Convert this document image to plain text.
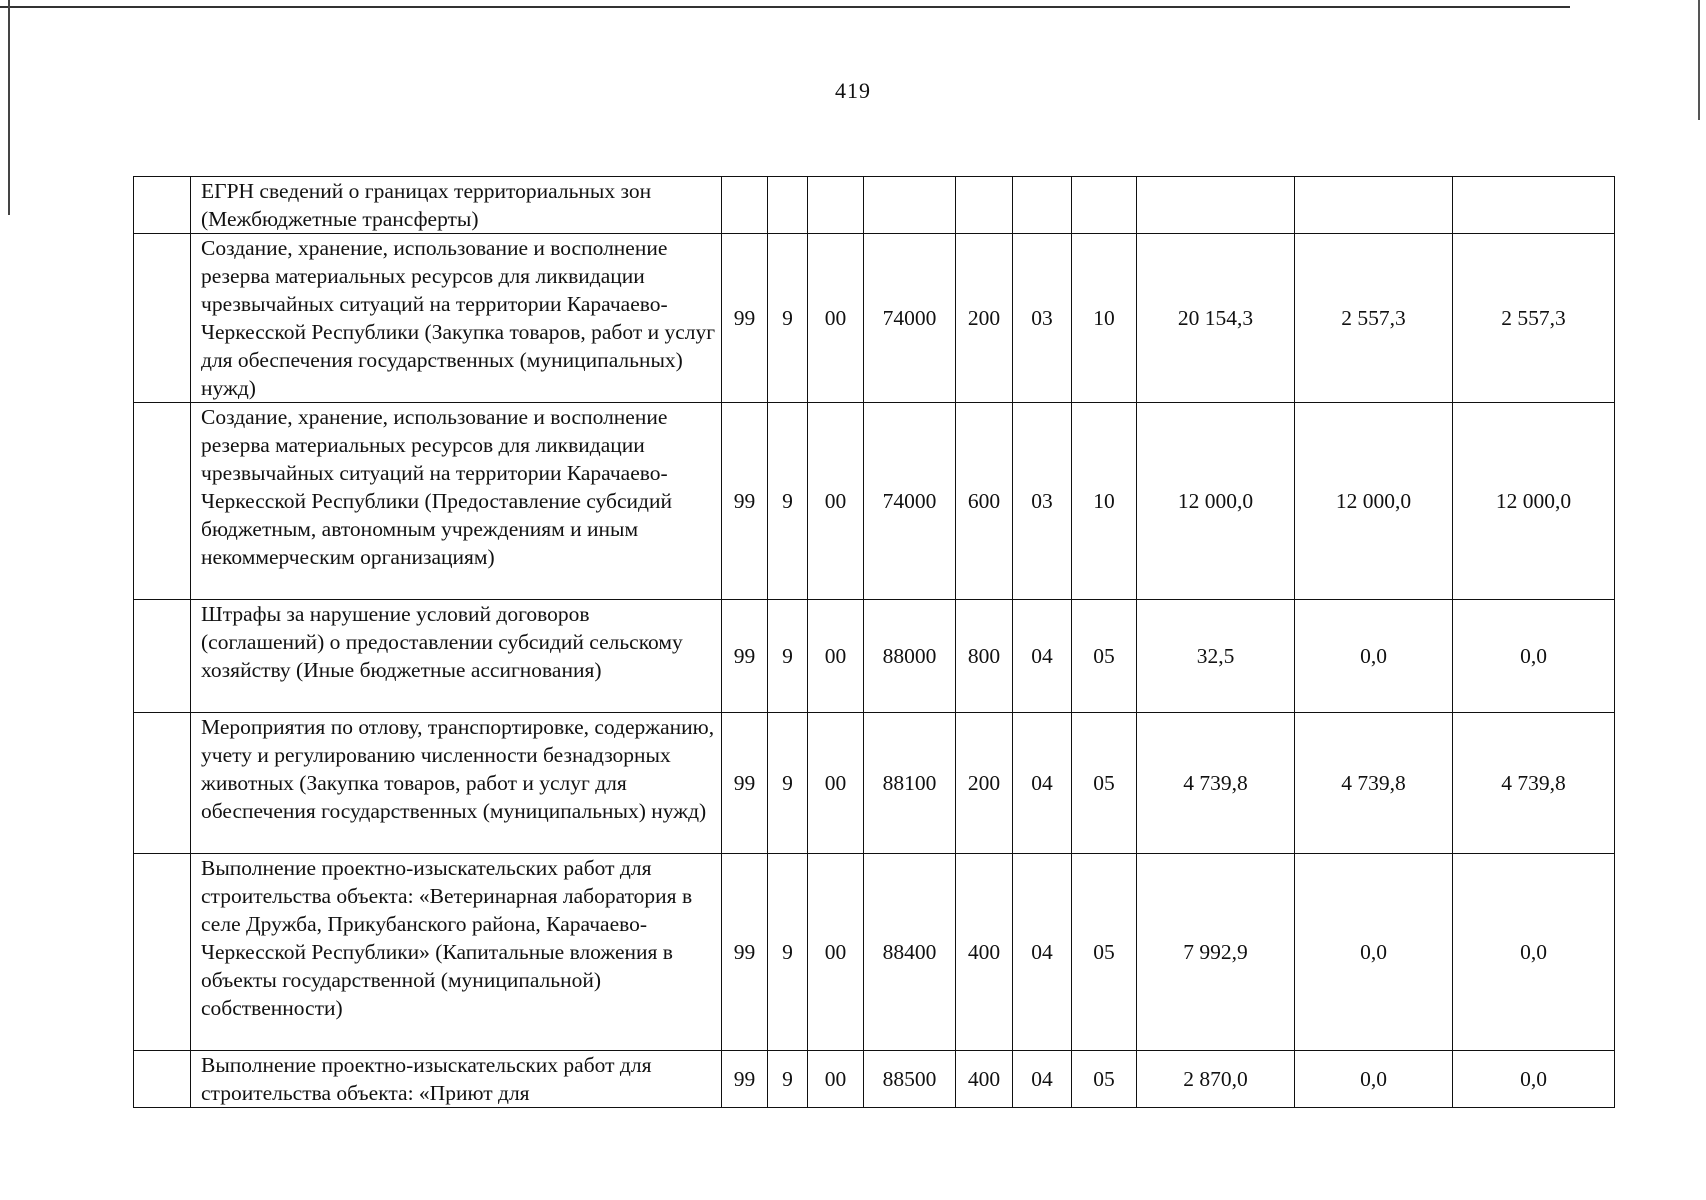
419
	ЕГРН сведений о границах территориальных зон (Межбюджетные трансферты)										
	Создание, хранение, использование и восполнение резерва материальных ресурсов для ликвидации чрезвычайных ситуаций на территории Карачаево-Черкесской Республики (Закупка товаров, работ и услуг для обеспечения государственных (муниципальных) нужд)	99	9	00	74000	200	03	10	20 154,3	2 557,3	2 557,3
	Создание, хранение, использование и восполнение резерва материальных ресурсов для ликвидации чрезвычайных ситуаций на территории Карачаево-Черкесской Республики (Предоставление субсидий бюджетным, автономным учреждениям и иным некоммерческим организациям)	99	9	00	74000	600	03	10	12 000,0	12 000,0	12 000,0
	Штрафы за нарушение условий договоров (соглашений) о предоставлении субсидий сельскому хозяйству (Иные бюджетные ассигнования)	99	9	00	88000	800	04	05	32,5	0,0	0,0
	Мероприятия по отлову, транспортировке, содержанию, учету и регулированию численности безнадзорных животных (Закупка товаров, работ и услуг для обеспечения государственных (муниципальных) нужд)	99	9	00	88100	200	04	05	4 739,8	4 739,8	4 739,8
	Выполнение проектно-изыскательских работ для строительства объекта: «Ветеринарная лаборатория в селе Дружба, Прикубанского района, Карачаево-Черкесской Республики» (Капитальные вложения в объекты государственной (муниципальной) собственности)	99	9	00	88400	400	04	05	7 992,9	0,0	0,0
	Выполнение проектно-изыскательских работ для строительства объекта: «Приют для	99	9	00	88500	400	04	05	2 870,0	0,0	0,0
